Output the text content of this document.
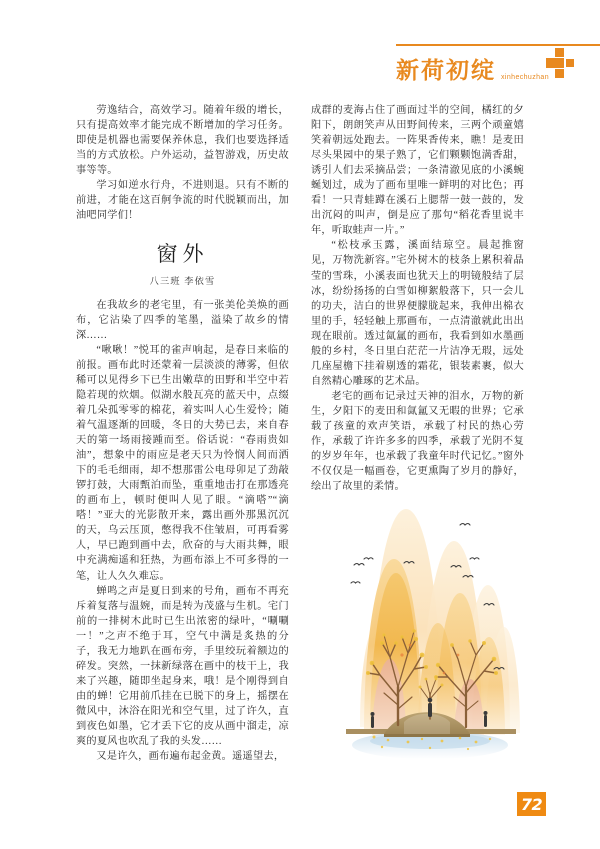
新荷初绽 xinhechuzhan

劳逸结合，高效学习。随着年级的增长，只有提高效率才能完成不断增加的学习任务。即使是机器也需要保养休息，我们也要选择适当的方式放松。户外运动，益智游戏，历史故事等等。

学习如逆水行舟，不进则退。只有不断的前进，才能在这百舸争流的时代脱颖而出，加油吧同学们！

窗外

八三班 李依雪

在我故乡的老宅里，有一张美伦美焕的画布，它沾染了四季的笔墨，溢染了故乡的情深……

“啾啾！”悦耳的雀声响起，是春日来临的前报。画布此时还蒙着一层淡淡的薄雾，但依稀可以见得乡下已生出嫩草的田野和半空中若隐若现的炊烟。似湖水般瓦亮的蓝天中，点缀着几朵孤零零的棉花，着实叫人心生爱怜；随着气温逐渐的回暖，冬日的大势已去，来自春天的第一场雨接踵而至。俗话说：“春雨贵如油”，想象中的雨应是老天只为怜悯人间而洒下的毛毛细雨，却不想那雷公电母卯足了劲敲锣打鼓，大雨甄泊而坠，重重地击打在那透亮的画布上，顿时便叫人见了眼。“滴嗒”“滴嗒！”亚大的光影散开来，露出画外那黑沉沉的天，乌云压顶，憋得我不住皱眉，可再看雾人，早已跑到画中去，欣奋的与大雨共舞，眼中充满痴遥和狂热，为画布添上不可多得的一笔，让人久久难忘。

蝉鸣之声是夏日到来的号角，画布不再充斥着复落与温婉，而是转为茂盛与生机。宅门前的一排树木此时已生出浓密的绿叶，“唰唰一！”之声不绝于耳，空气中满是炙热的分子，我无力地趴在画布旁，手里绞玩着额边的碎发。突然，一抹新绿落在画中的枝干上，我来了兴趣，随即坐起身来，哦！是个刚得到自由的蝉！它用前爪挂在已脱下的身上，摇摆在微风中，沐浴在阳光和空气里，过了许久，直到夜色如墨，它才丢下它的皮从画中溜走，凉爽的夏风也吹乱了我的头发……

又是许久，画布遍布起金黄。遥遥望去，

成群的麦海占住了画面过半的空间，橘红的夕阳下，朗朗笑声从田野间传来，三两个顽童嬉笑着朝远处跑去。一阵果香传来，瞧！是麦田尽头果园中的果子熟了，它们颗颗饱满香甜，诱引人们去采摘品尝；一条清澈见底的小溪蜿蜒划过，成为了画布里唯一鲜明的对比色；再看！一只青蛙蹲在溪石上腮帮一鼓一鼓的，发出沉闷的叫声，倒是应了那句“稻花香里说丰年，听取蛙声一片。”

“松枝承玉露，溪面结琼空。晨起推窗见，万物洗新容。”宅外树木的枝条上累积着晶莹的雪珠，小溪表面也犹天上的明镜般结了层冰，纷纷扬扬的白雪如柳絮般落下，只一会儿的功夫，洁白的世界便朦胧起来，我伸出棉衣里的手，轻轻触上那画布，一点清澈就此出出现在眼前。透过氤氲的画布，我看到如水墨画般的乡村，冬日里白茫茫一片洁净无瑕，远处几座屋檐下挂着剔透的霜花，银装素裹，似大自然精心雕琢的艺术品。

老宅的画布记录过天神的泪水，万物的新生，夕阳下的麦田和氤氲又无暇的世界；它承载了孩童的欢声笑语，承载了村民的热心劳作，承载了许许多多的四季，承载了光阴不复的岁岁年年，也承载了我童年时代记忆。”窗外不仅仅是一幅画卷，它更熏陶了岁月的静好，绘出了故里的柔情。

72
